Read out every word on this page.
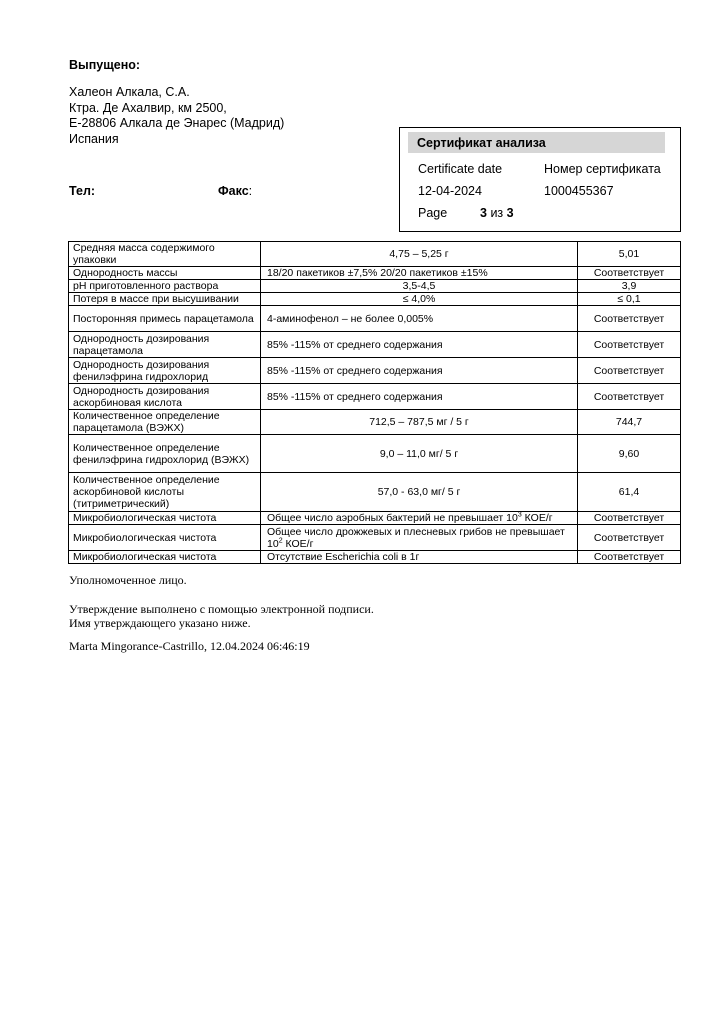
Выпущено:
Халеон Алкала, С.А.
Ктра. Де Ахалвир, км 2500,
E-28806 Алкала де Энарес (Мадрид)
Испания
Тел:	Факс:
Сертификат анализа
Certificate date	Номер сертификата
12-04-2024	1000455367
Page	3 из 3
Средняя масса содержимого упаковки	4,75 – 5,25 г	5,01
Однородность массы	18/20 пакетиков ±7,5% 20/20 пакетиков ±15%	Соответствует
pH приготовленного раствора	3,5-4,5	3,9
Потеря в массе при высушивании	≤ 4,0%	≤ 0,1
Посторонняя примесь парацетамола	4-аминофенол – не более 0,005%	Соответствует
Однородность дозирования парацетамола	85% -115% от среднего содержания	Соответствует
Однородность дозирования фенилэфрина гидрохлорид	85% -115% от среднего содержания	Соответствует
Однородность дозирования аскорбиновая кислота	85% -115% от среднего содержания	Соответствует
Количественное определение парацетамола (ВЭЖХ)	712,5 – 787,5 мг / 5 г	744,7
Количественное определение фенилэфрина гидрохлорид (ВЭЖХ)	9,0 – 11,0 мг/ 5 г	9,60
Количественное определение аскорбиновой кислоты (титриметрический)	57,0 - 63,0 мг/ 5 г	61,4
Микробиологическая чистота	Общее число аэробных бактерий не превышает $10^3$ КОЕ/г	Соответствует
Микробиологическая чистота	Общее число дрожжевых и плесневых грибов не превышает $10^2$ КОЕ/г	Соответствует
Микробиологическая чистота	Отсутствие Escherichia coli в 1г	Соответствует
Уполномоченное лицо.
Утверждение выполнено с помощью электронной подписи.
Имя утверждающего указано ниже.
Marta Mingorance-Castrillo, 12.04.2024 06:46:19
